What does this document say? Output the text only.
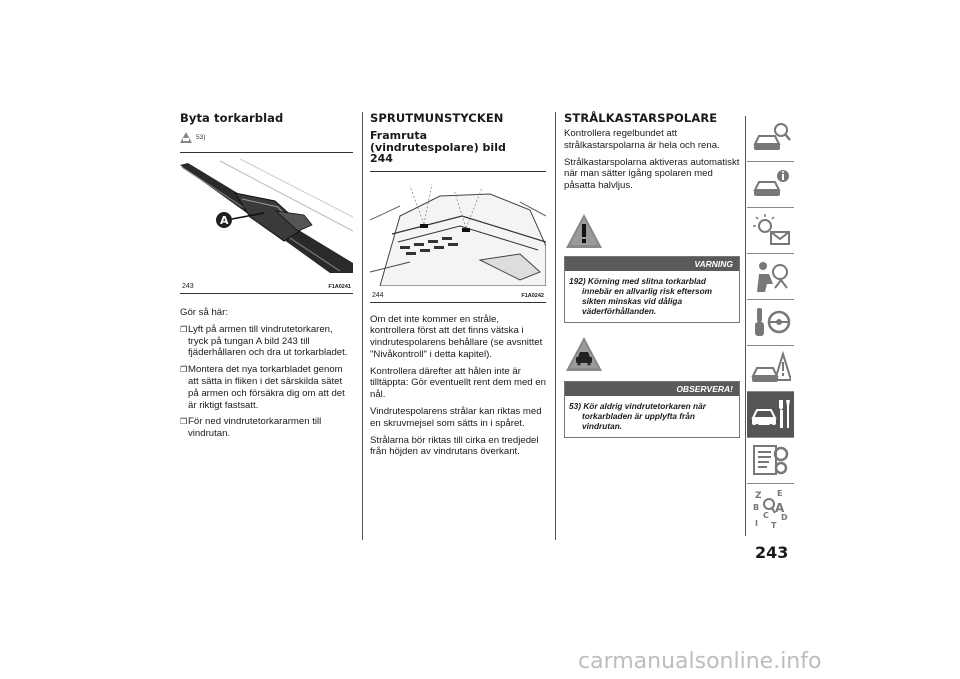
Byta torkarblad
53)
A
243	F1A0241

Gör så här:

❒ Lyft på armen till vindrutetorkaren, tryck på tungan A bild 243 till fjäderhållaren och dra ut torkarbladet.
❒ Montera det nya torkarbladet genom att sätta in fliken i det särskilda sätet på armen och försäkra dig om att det är riktigt fastsatt.
❒ För ned vindrutetorkararmen till vindrutan.
SPRUTMUNSTYCKEN
Framruta (vindrutespolare) bild 244
244	F1A0242

Om det inte kommer en stråle, kontrollera först att det finns vätska i vindrutespolarens behållare (se avsnittet "Nivåkontroll" i detta kapitel).

Kontrollera därefter att hålen inte är tilltäppta: Gör eventuellt rent dem med en nål.

Vindrutespolarens strålar kan riktas med en skruvmejsel som sätts in i spåret.

Strålarna bör riktas till cirka en tredjedel från höjden av vindrutans överkant.

STRÅLKASTARSPOLARE

Kontrollera regelbundet att strålkastarspolarna är hela och rena.

Strålkastarspolarna aktiveras automatiskt när man sätter igång spolaren med påsatta halvljus.

VARNING
192) Körning med slitna torkarblad innebär en allvarlig risk eftersom sikten minskas vid dåliga väderförhållanden.
OBSERVERA!
53) Kör aldrig vindrutetorkaren när torkarbladen är upplyfta från vindrutan.
Z E
B A
C D
I T
243
carmanualsonline.info
